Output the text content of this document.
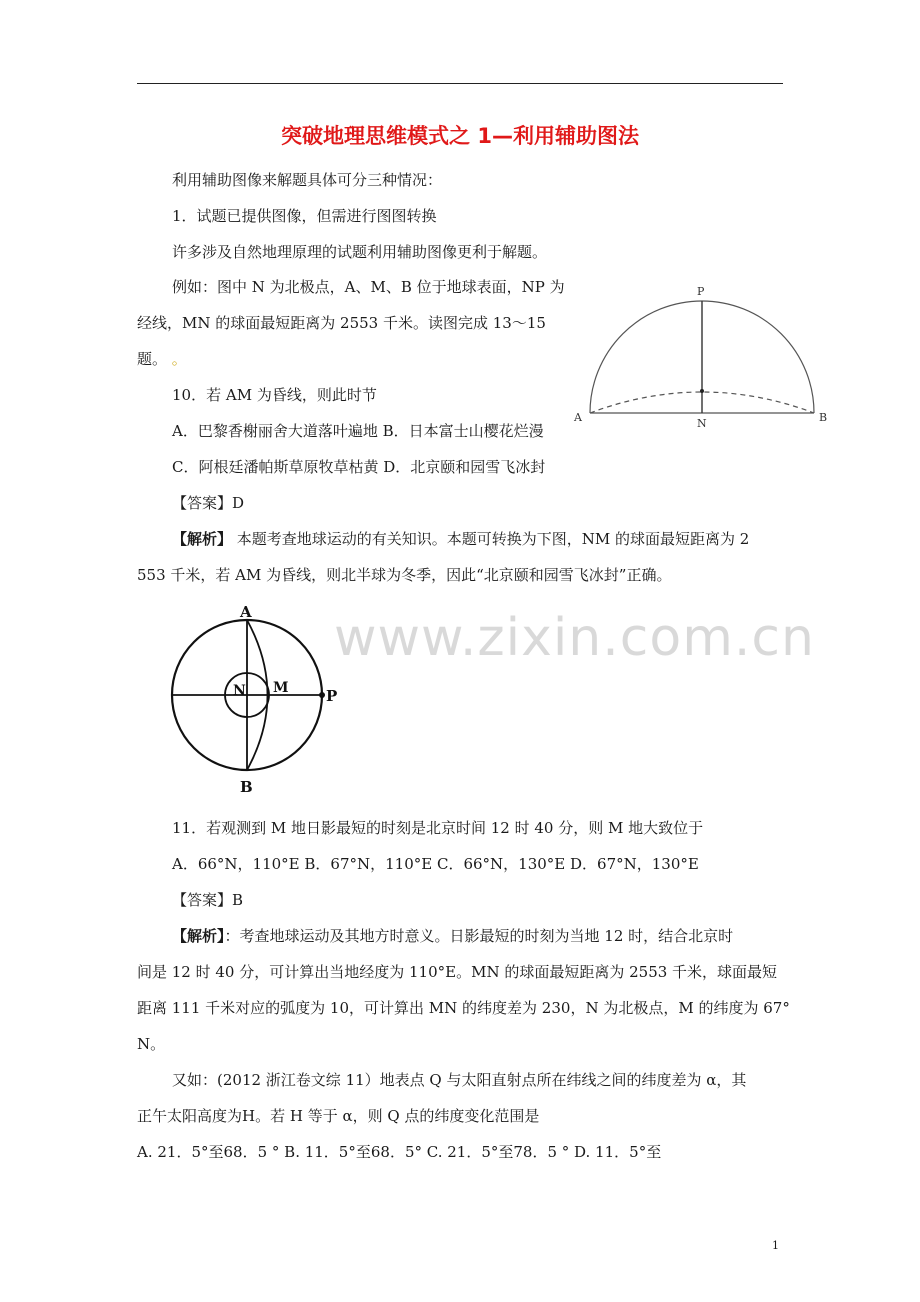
突破地理思维模式之 1—利用辅助图法
利用辅助图像来解题具体可分三种情况：
1．试题已提供图像，但需进行图图转换
许多涉及自然地理原理的试题利用辅助图像更利于解题。
例如：图中 N 为北极点，A、M、B 位于地球表面，NP 为
经线，MN 的球面最短距离为 2553 千米。读图完成 13～15
题。 。
10．若 AM 为昏线，则此时节
A．巴黎香榭丽舍大道落叶遍地 B．日本富士山樱花烂漫
C．阿根廷潘帕斯草原牧草枯黄 D．北京颐和园雪飞冰封
【答案】D
【解析】 本题考查地球运动的有关知识。本题可转换为下图，NM 的球面最短距离为 2
553 千米，若 AM 为昏线，则北半球为冬季，因此“北京颐和园雪飞冰封”正确。
P
A	N	B
www.zixin.com.cn
A
N M	P
B
11．若观测到 M 地日影最短的时刻是北京时间 12 时 40 分，则 M 地大致位于
A．66°N，110°E B．67°N，110°E C．66°N，130°E D．67°N，130°E
【答案】B
【解析】：考查地球运动及其地方时意义。日影最短的时刻为当地 12 时，结合北京时
间是 12 时 40 分，可计算出当地经度为 110°E。MN 的球面最短距离为 2553 千米，球面最短
距离 111 千米对应的弧度为 10，可计算出 MN 的纬度差为 230，N 为北极点，M 的纬度为 67°
N。
又如：(2012 浙江卷文综 11）地表点 Q 与太阳直射点所在纬线之间的纬度差为 α，其
正午太阳高度为H。若 H 等于 α，则 Q 点的纬度变化范围是
A. 21．5°至68．5 ° B. 11．5°至68．5° C. 21．5°至78．5 ° D. 11．5°至
1
